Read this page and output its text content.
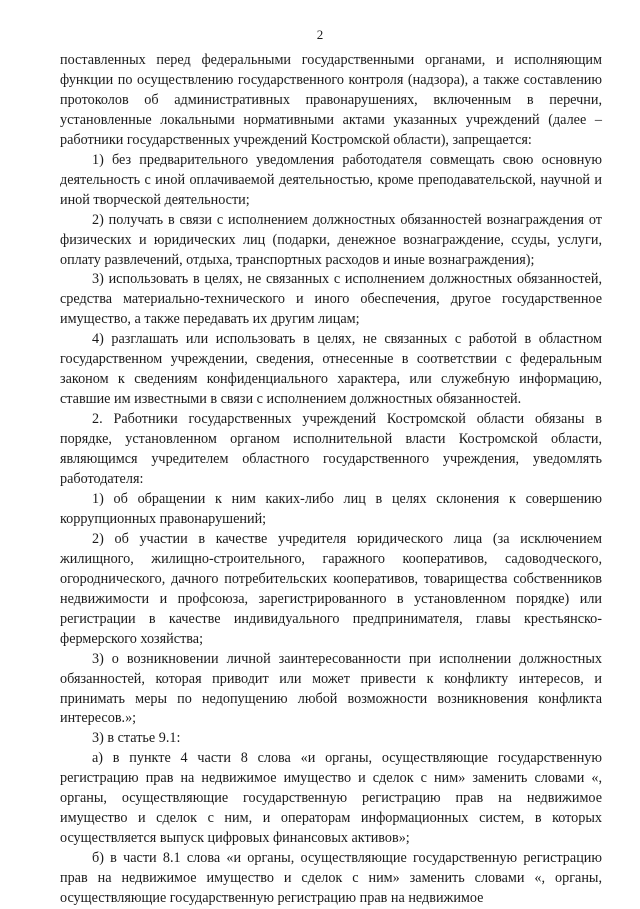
2

поставленных перед федеральными государственными органами, и исполняющим функции по осуществлению государственного контроля (надзора), а также составлению протоколов об административных правонарушениях, включенным в перечни, установленные локальными нормативными актами указанных учреждений (далее – работники государственных учреждений Костромской области), запрещается:

1) без предварительного уведомления работодателя совмещать свою основную деятельность с иной оплачиваемой деятельностью, кроме преподавательской, научной и иной творческой деятельности;

2) получать в связи с исполнением должностных обязанностей вознаграждения от физических и юридических лиц (подарки, денежное вознаграждение, ссуды, услуги, оплату развлечений, отдыха, транспортных расходов и иные вознаграждения);

3) использовать в целях, не связанных с исполнением должностных обязанностей, средства материально-технического и иного обеспечения, другое государственное имущество, а также передавать их другим лицам;

4) разглашать или использовать в целях, не связанных с работой в областном государственном учреждении, сведения, отнесенные в соответствии с федеральным законом к сведениям конфиденциального характера, или служебную информацию, ставшие им известными в связи с исполнением должностных обязанностей.

2. Работники государственных учреждений Костромской области обязаны в порядке, установленном органом исполнительной власти Костромской области, являющимся учредителем областного государственного учреждения, уведомлять работодателя:

1) об обращении к ним каких-либо лиц в целях склонения к совершению коррупционных правонарушений;

2) об участии в качестве учредителя юридического лица (за исключением жилищного, жилищно-строительного, гаражного кооперативов, садоводческого, огороднического, дачного потребительских кооперативов, товарищества собственников недвижимости и профсоюза, зарегистрированного в установленном порядке) или регистрации в качестве индивидуального предпринимателя, главы крестьянско-фермерского хозяйства;

3) о возникновении личной заинтересованности при исполнении должностных обязанностей, которая приводит или может привести к конфликту интересов, и принимать меры по недопущению любой возможности возникновения конфликта интересов.»;

3) в статье 9.1:

а) в пункте 4 части 8 слова «и органы, осуществляющие государственную регистрацию прав на недвижимое имущество и сделок с ним» заменить словами «, органы, осуществляющие государственную регистрацию прав на недвижимое имущество и сделок с ним, и операторам информационных систем, в которых осуществляется выпуск цифровых финансовых активов»;

б) в части 8.1 слова «и органы, осуществляющие государственную регистрацию прав на недвижимое имущество и сделок с ним» заменить словами «, органы, осуществляющие государственную регистрацию прав на недвижимое
